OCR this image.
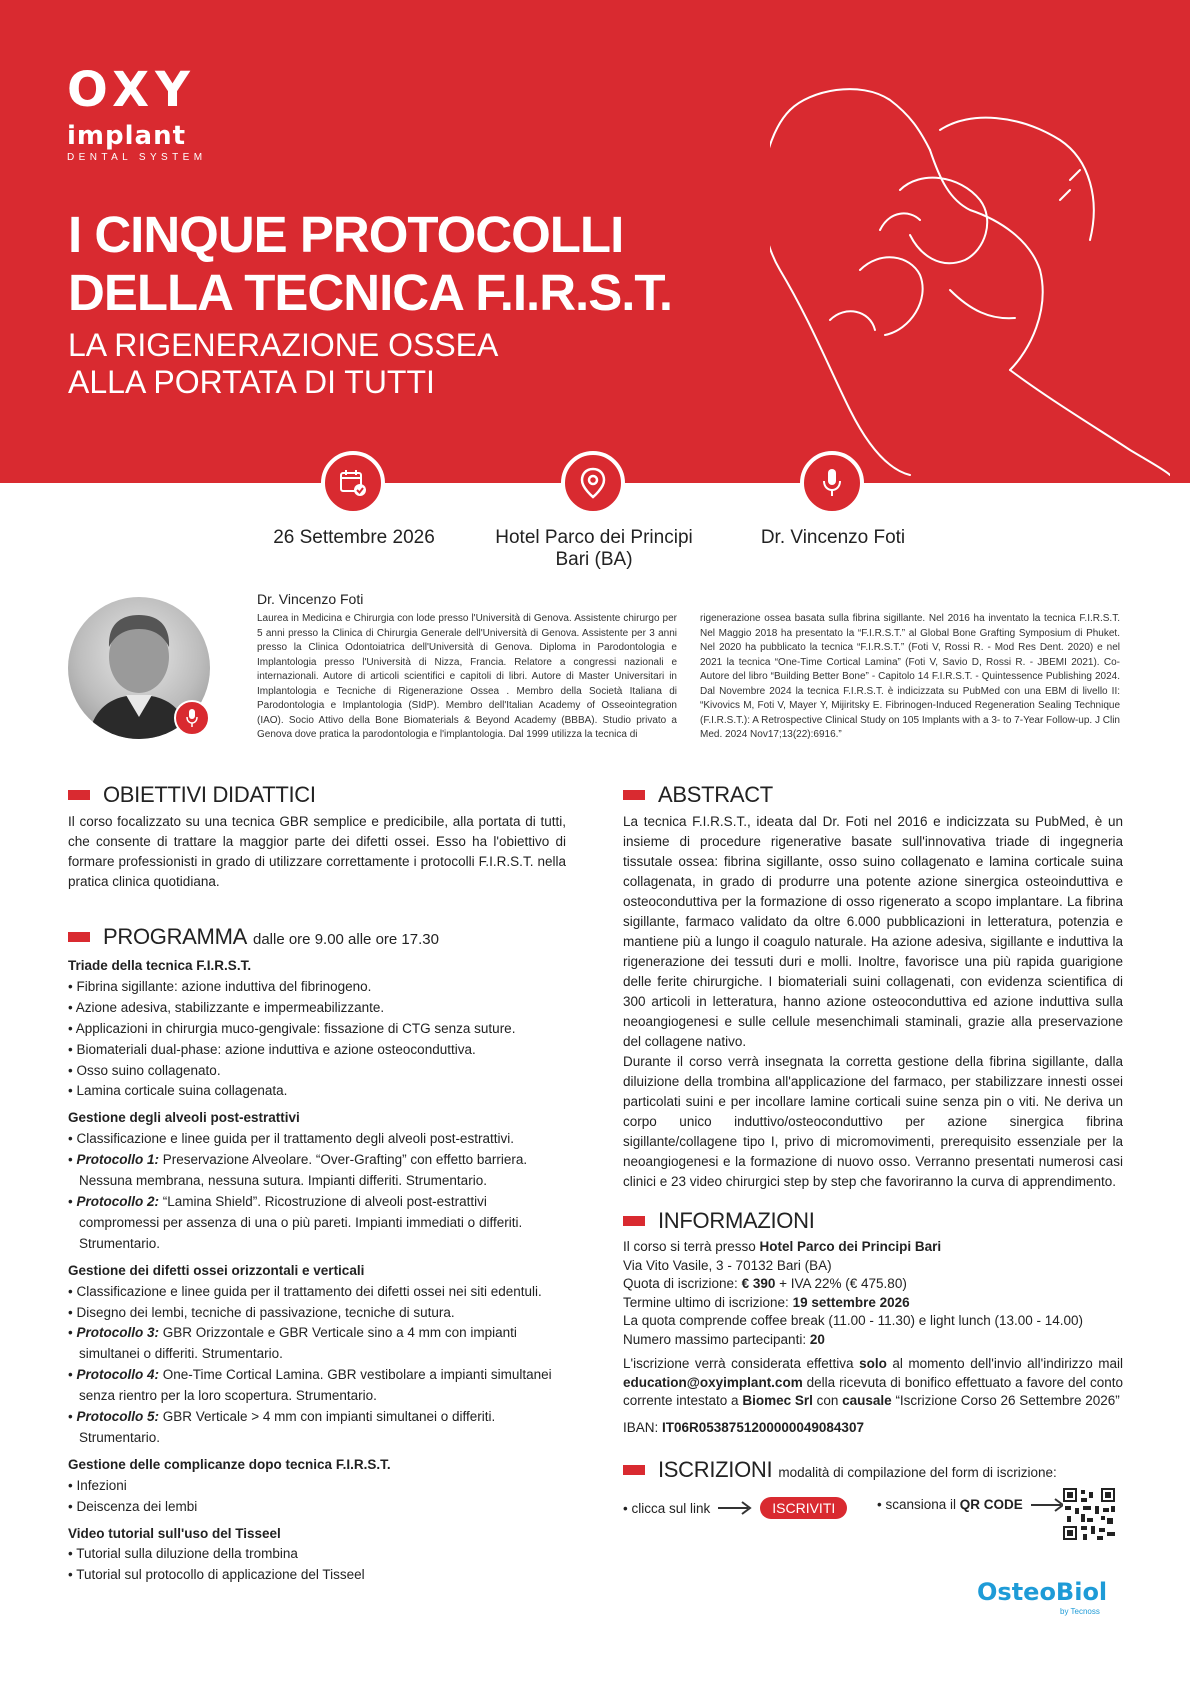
OXY
implant
DENTAL SYSTEM
I CINQUE PROTOCOLLI
DELLA TECNICA F.I.R.S.T.
LA RIGENERAZIONE OSSEA
ALLA PORTATA DI TUTTI
26 Settembre 2026	Hotel Parco dei Principi
Bari (BA)
Dr. Vincenzo Foti
Dr. Vincenzo Foti
Laurea in Medicina e Chirurgia con lode presso l'Università di Genova. Assistente chirurgo per 5 anni presso la Clinica di Chirurgia Generale dell'Università di Genova. Assistente per 3 anni presso la Clinica Odontoiatrica dell'Università di Genova. Diploma in Parodontologia e Implantologia presso l'Università di Nizza, Francia. Relatore a congressi nazionali e internazionali. Autore di articoli scientifici e capitoli di libri. Autore di Master Universitari in Implantologia e Tecniche di Rigenerazione Ossea . Membro della Società Italiana di Parodontologia e Implantologia (SIdP). Membro dell'Italian Academy of Osseointegration (IAO). Socio Attivo della Bone Biomaterials & Beyond Academy (BBBA). Studio privato a Genova dove pratica la parodontologia e l'implantologia. Dal 1999 utilizza la tecnica di
rigenerazione ossea basata sulla fibrina sigillante. Nel 2016 ha inventato la tecnica F.I.R.S.T. Nel Maggio 2018 ha presentato la “F.I.R.S.T.” al Global Bone Grafting Symposium di Phuket. Nel 2020 ha pubblicato la tecnica “F.I.R.S.T.” (Foti V, Rossi R. - Mod Res Dent. 2020) e nel 2021 la tecnica “One-Time Cortical Lamina” (Foti V, Savio D, Rossi R. - JBEMI 2021). Co-Autore del libro “Building Better Bone” - Capitolo 14 F.I.R.S.T. - Quintessence Publishing 2024. Dal Novembre 2024 la tecnica F.I.R.S.T. è indicizzata su PubMed con una EBM di livello II: “Kivovics M, Foti V, Mayer Y, Mijiritsky E. Fibrinogen-Induced Regeneration Sealing Technique (F.I.R.S.T.): A Retrospective Clinical Study on 105 Implants with a 3- to 7-Year Follow-up. J Clin Med. 2024 Nov17;13(22):6916.”
OBIETTIVI DIDATTICI
Il corso focalizzato su una tecnica GBR semplice e predicibile, alla portata di tutti, che consente di trattare la maggior parte dei difetti ossei. Esso ha l'obiettivo di formare professionisti in grado di utilizzare correttamente i protocolli F.I.R.S.T. nella pratica clinica quotidiana.
PROGRAMMA dalle ore 9.00 alle ore 17.30
Triade della tecnica F.I.R.S.T.
• Fibrina sigillante: azione induttiva del fibrinogeno.
• Azione adesiva, stabilizzante e impermeabilizzante.
• Applicazioni in chirurgia muco-gengivale: fissazione di CTG senza suture.
• Biomateriali dual-phase: azione induttiva e azione osteoconduttiva.
• Osso suino collagenato.
• Lamina corticale suina collagenata.
Gestione degli alveoli post-estrattivi
• Classificazione e linee guida per il trattamento degli alveoli post-estrattivi.
• Protocollo 1: Preservazione Alveolare. “Over-Grafting” con effetto barriera. Nessuna membrana, nessuna sutura. Impianti differiti. Strumentario.
• Protocollo 2: “Lamina Shield”. Ricostruzione di alveoli post-estrattivi compromessi per assenza di una o più pareti. Impianti immediati o differiti. Strumentario.
Gestione dei difetti ossei orizzontali e verticali
• Classificazione e linee guida per il trattamento dei difetti ossei nei siti edentuli.
• Disegno dei lembi, tecniche di passivazione, tecniche di sutura.
• Protocollo 3: GBR Orizzontale e GBR Verticale sino a 4 mm con impianti simultanei o differiti. Strumentario.
• Protocollo 4: One-Time Cortical Lamina. GBR vestibolare a impianti simultanei senza rientro per la loro scopertura. Strumentario.
• Protocollo 5: GBR Verticale > 4 mm con impianti simultanei o differiti. Strumentario.
Gestione delle complicanze dopo tecnica F.I.R.S.T.
• Infezioni
• Deiscenza dei lembi
Video tutorial sull'uso del Tisseel
• Tutorial sulla diluzione della trombina
• Tutorial sul protocollo di applicazione del Tisseel
ABSTRACT
La tecnica F.I.R.S.T., ideata dal Dr. Foti nel 2016 e indicizzata su PubMed, è un insieme di procedure rigenerative basate sull'innovativa triade di ingegneria tissutale ossea: fibrina sigillante, osso suino collagenato e lamina corticale suina collagenata, in grado di produrre una potente azione sinergica osteoinduttiva e osteoconduttiva per la formazione di osso rigenerato a scopo implantare. La fibrina sigillante, farmaco validato da oltre 6.000 pubblicazioni in letteratura, potenzia e mantiene più a lungo il coagulo naturale. Ha azione adesiva, sigillante e induttiva la rigenerazione dei tessuti duri e molli. Inoltre, favorisce una più rapida guarigione delle ferite chirurgiche. I biomateriali suini collagenati, con evidenza scientifica di 300 articoli in letteratura, hanno azione osteoconduttiva ed azione induttiva sulla neoangiogenesi e sulle cellule mesenchimali staminali, grazie alla preservazione del collagene nativo.
Durante il corso verrà insegnata la corretta gestione della fibrina sigillante, dalla diluizione della trombina all'applicazione del farmaco, per stabilizzare innesti ossei particolati suini e per incollare lamine corticali suine senza pin o viti. Ne deriva un corpo unico induttivo/osteoconduttivo per azione sinergica fibrina sigillante/collagene tipo I, privo di micromovimenti, prerequisito essenziale per la neoangiogenesi e la formazione di nuovo osso. Verranno presentati numerosi casi clinici e 23 video chirurgici step by step che favoriranno la curva di apprendimento.
INFORMAZIONI
Il corso si terrà presso Hotel Parco dei Principi Bari
Via Vito Vasile, 3 - 70132 Bari (BA)
Quota di iscrizione: € 390 + IVA 22% (€ 475.80)
Termine ultimo di iscrizione: 19 settembre 2026
La quota comprende coffee break (11.00 - 11.30) e light lunch (13.00 - 14.00)
Numero massimo partecipanti: 20
L'iscrizione verrà considerata effettiva solo al momento dell'invio all'indirizzo mail education@oxyimplant.com della ricevuta di bonifico effettuato a favore del conto corrente intestato a Biomec Srl con causale “Iscrizione Corso 26 Settembre 2026”
IBAN: IT06R0538751200000049084307
ISCRIZIONI modalità di compilazione del form di iscrizione:
• clicca sul link	ISCRIVITI	• scansiona il QR CODE
OsteoBiol
by Tecnoss
